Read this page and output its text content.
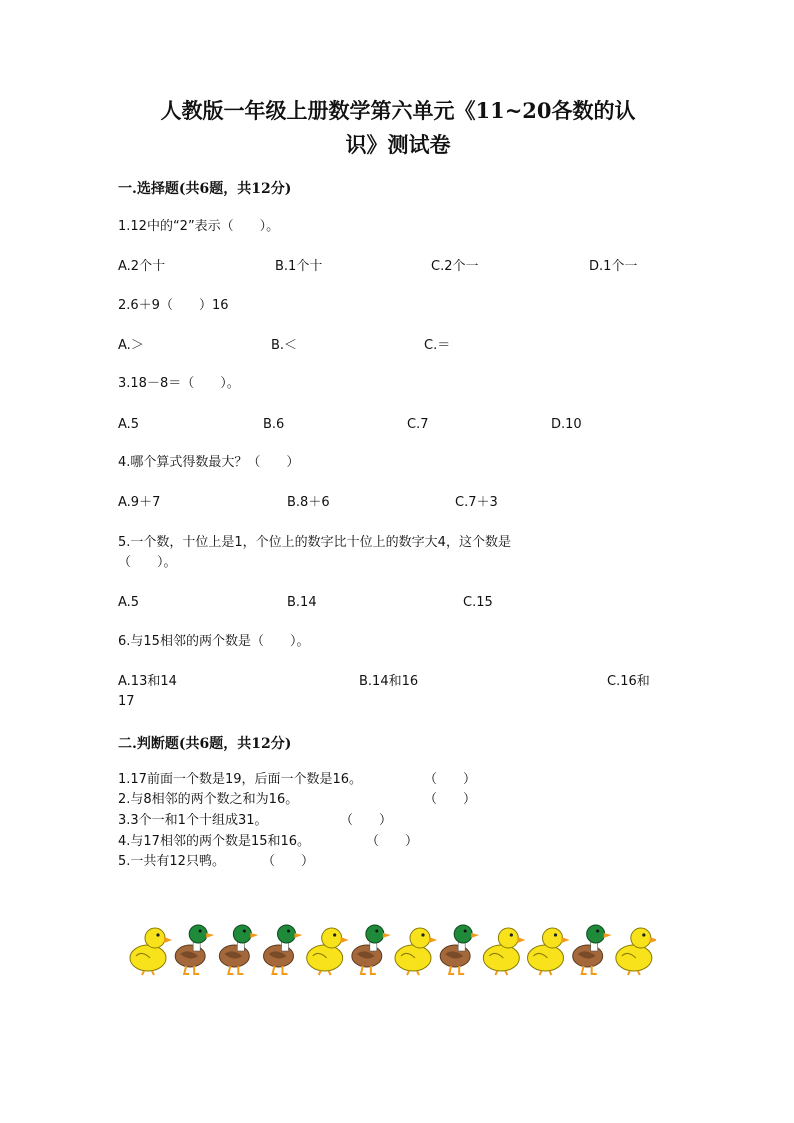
人教版一年级上册数学第六单元《11~20各数的认
识》测试卷
一.选择题(共6题，共12分)
1.12中的“2”表示（　　）。
A.2个十	B.1个十	C.2个一	D.1个一
2.6＋9（　　）16
A.＞	B.＜	C.＝
3.18－8＝（　　）。
A.5	B.6	C.7	D.10
4.哪个算式得数最大？（　　）
A.9＋7	B.8＋6	C.7＋3
5.一个数，十位上是1，个位上的数字比十位上的数字大4，这个数是
（　　）。
A.5	B.14	C.15
6.与15相邻的两个数是（　　）。
A.13和14	B.14和16	C.16和
17
二.判断题(共6题，共12分)
1.17前面一个数是19，后面一个数是16。	（　　）
2.与8相邻的两个数之和为16。	（　　）
3.3个一和1个十组成31。	（　　）
4.与17相邻的两个数是15和16。	（　　）
5.一共有12只鸭。	（　　）
